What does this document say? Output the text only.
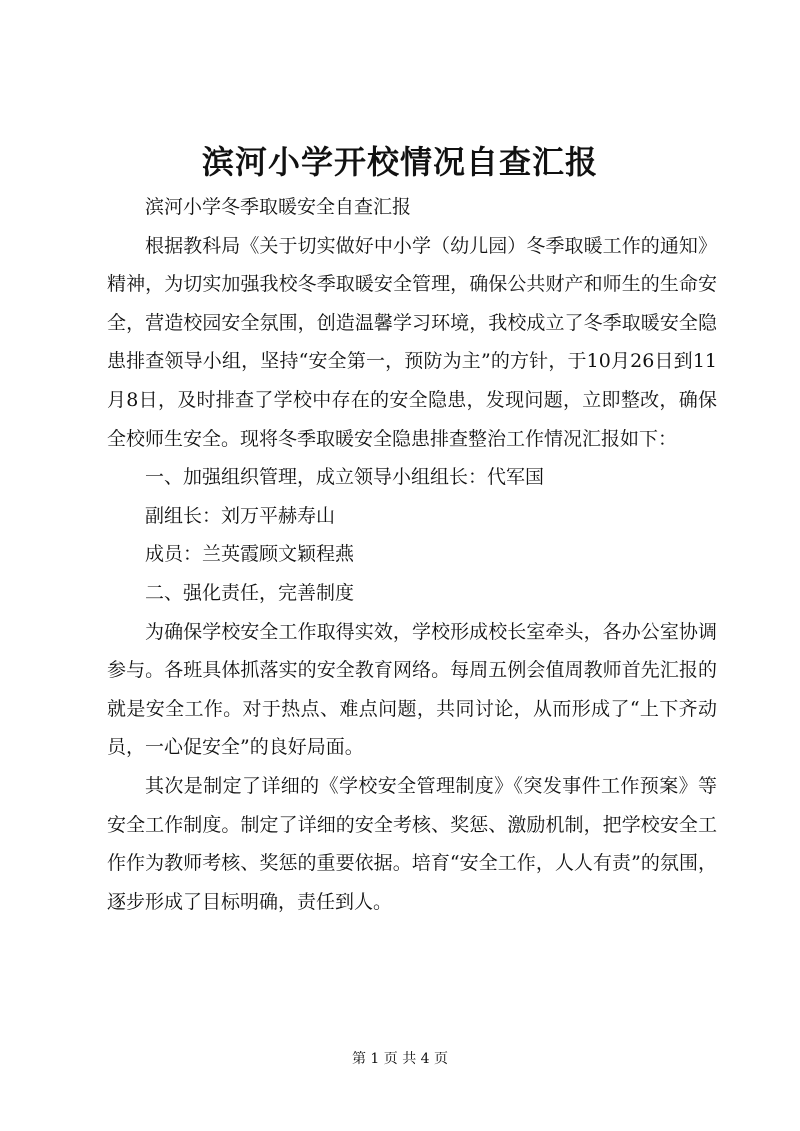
滨河小学开校情况自查汇报

滨河小学冬季取暖安全自查汇报

根据教科局《关于切实做好中小学（幼儿园）冬季取暖工作的通知》精神，为切实加强我校冬季取暖安全管理，确保公共财产和师生的生命安全，营造校园安全氛围，创造温馨学习环境，我校成立了冬季取暖安全隐患排查领导小组，坚持“安全第一，预防为主”的方针，于10月26日到11月8日，及时排查了学校中存在的安全隐患，发现问题，立即整改，确保全校师生安全。现将冬季取暖安全隐患排查整治工作情况汇报如下：

一、加强组织管理，成立领导小组组长：代军国

副组长：刘万平赫寿山

成员：兰英霞顾文颖程燕

二、强化责任，完善制度

为确保学校安全工作取得实效，学校形成校长室牵头，各办公室协调参与。各班具体抓落实的安全教育网络。每周五例会值周教师首先汇报的就是安全工作。对于热点、难点问题，共同讨论，从而形成了“上下齐动员，一心促安全”的良好局面。

其次是制定了详细的《学校安全管理制度》《突发事件工作预案》等安全工作制度。制定了详细的安全考核、奖惩、激励机制，把学校安全工作作为教师考核、奖惩的重要依据。培育“安全工作，人人有责”的氛围，逐步形成了目标明确，责任到人。

第 1 页 共 4 页
